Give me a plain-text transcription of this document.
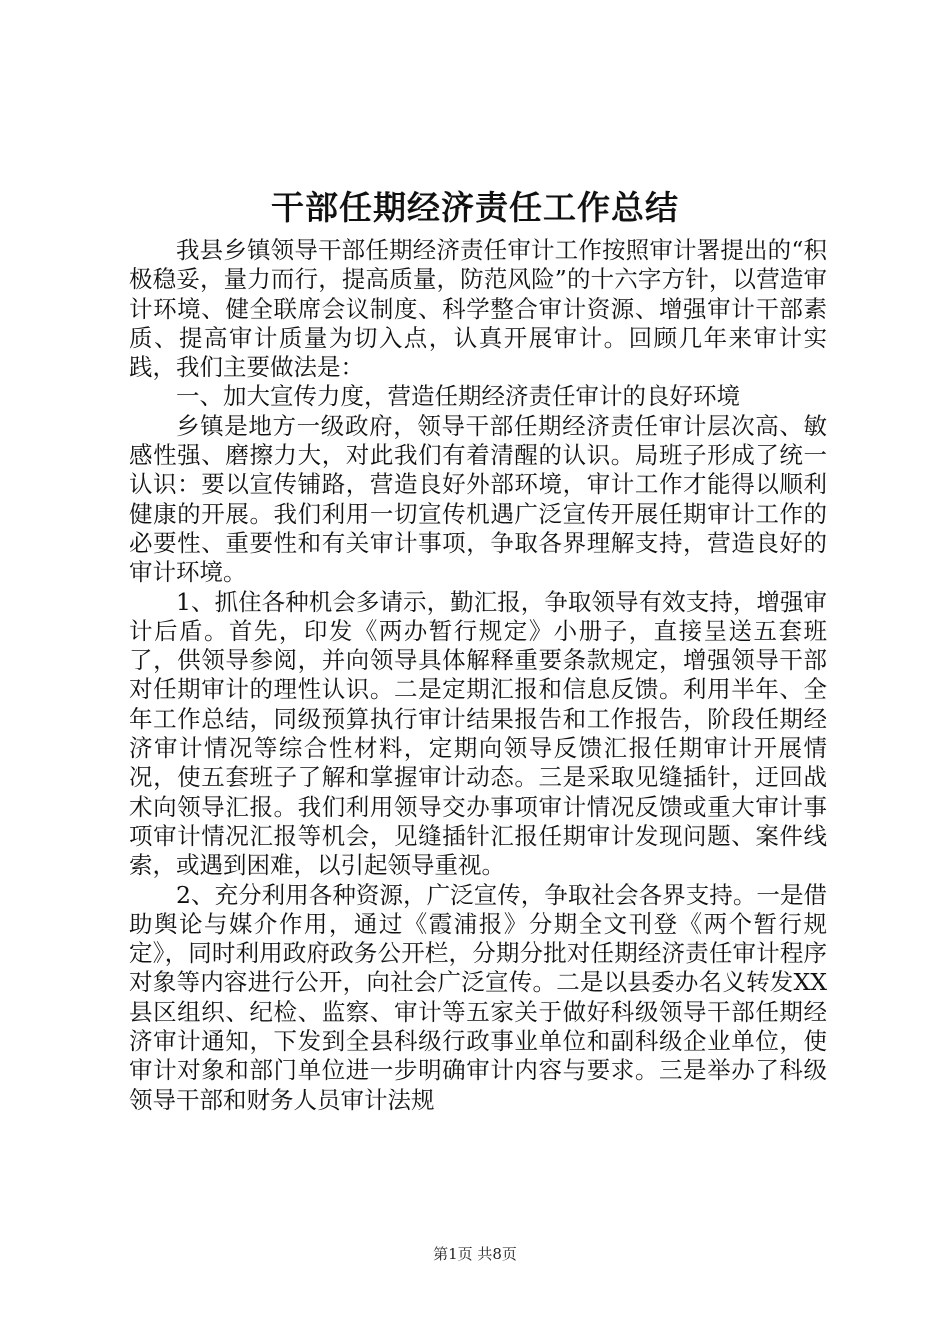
干部任期经济责任工作总结

我县乡镇领导干部任期经济责任审计工作按照审计署提出的“积极稳妥，量力而行，提高质量，防范风险”的十六字方针，以营造审计环境、健全联席会议制度、科学整合审计资源、增强审计干部素质、提高审计质量为切入点，认真开展审计。回顾几年来审计实践，我们主要做法是：

一、加大宣传力度，营造任期经济责任审计的良好环境

乡镇是地方一级政府，领导干部任期经济责任审计层次高、敏感性强、磨擦力大，对此我们有着清醒的认识。局班子形成了统一认识：要以宣传铺路，营造良好外部环境，审计工作才能得以顺利健康的开展。我们利用一切宣传机遇广泛宣传开展任期审计工作的必要性、重要性和有关审计事项，争取各界理解支持，营造良好的审计环境。

1、抓住各种机会多请示，勤汇报，争取领导有效支持，增强审计后盾。首先，印发《两办暂行规定》小册子，直接呈送五套班了，供领导参阅，并向领导具体解释重要条款规定，增强领导干部对任期审计的理性认识。二是定期汇报和信息反馈。利用半年、全年工作总结，同级预算执行审计结果报告和工作报告，阶段任期经济审计情况等综合性材料，定期向领导反馈汇报任期审计开展情况，使五套班子了解和掌握审计动态。三是采取见缝插针，迂回战术向领导汇报。我们利用领导交办事项审计情况反馈或重大审计事项审计情况汇报等机会，见缝插针汇报任期审计发现问题、案件线索，或遇到困难，以引起领导重视。

2、充分利用各种资源，广泛宣传，争取社会各界支持。一是借助舆论与媒介作用，通过《霞浦报》分期全文刊登《两个暂行规定》，同时利用政府政务公开栏，分期分批对任期经济责任审计程序对象等内容进行公开，向社会广泛宣传。二是以县委办名义转发XX县区组织、纪检、监察、审计等五家关于做好科级领导干部任期经济审计通知，下发到全县科级行政事业单位和副科级企业单位，使审计对象和部门单位进一步明确审计内容与要求。三是举办了科级领导干部和财务人员审计法规

第1页 共8页
